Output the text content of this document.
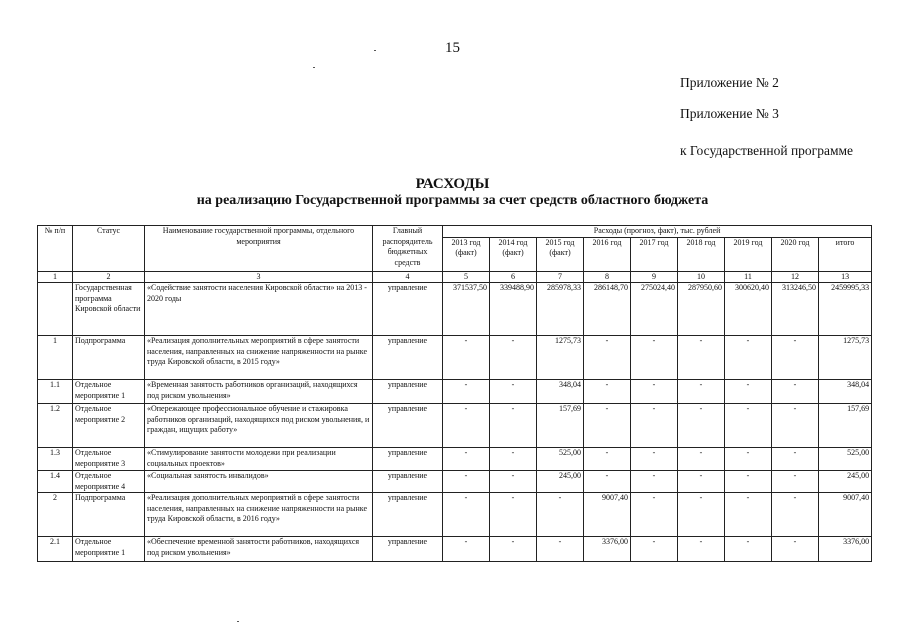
15
Приложение № 2
Приложение № 3
к Государственной программе
РАСХОДЫ
на реализацию Государственной программы за счет средств областного бюджета
№ п/п	Статус	Наименование государственной программы, отдельного мероприятия	Главный распорядитель бюджетных средств	Расходы (прогноз, факт), тыс. рублей								
				2013 год (факт)	2014 год (факт)	2015 год (факт)	2016 год	2017 год	2018 год	2019 год	2020 год	итого
1	2	3	4	5	6	7	8	9	10	11	12	13
	Государственная программа Кировской области	«Содействие занятости населения Кировской области» на 2013 - 2020 годы	управление	371537,50	339488,90	285978,33	286148,70	275024,40	287950,60	300620,40	313246,50	2459995,33
1	Подпрограмма	«Реализация дополнительных мероприятий в сфере занятости населения, направленных на снижение напряженности на рынке труда Кировской области, в 2015 году»	управление	-	-	1275,73	-	-	-	-	-	1275,73
1.1	Отдельное мероприятие 1	«Временная занятость работников организаций, находящихся под риском увольнения»	управление	-	-	348,04	-	-	-	-	-	348,04
1.2	Отдельное мероприятие 2	«Опережающее профессиональное обучение и стажировка работников организаций, находящихся под риском увольнения, и граждан, ищущих работу»	управление	-	-	157,69	-	-	-	-	-	157,69
1.3	Отдельное мероприятие 3	«Стимулирование занятости молодежи при реализации социальных проектов»	управление	-	-	525,00	-	-	-	-	-	525,00
1.4	Отдельное мероприятие 4	«Социальная занятость инвалидов»	управление	-	-	245,00	-	-	-	-	-	245,00
2	Подпрограмма	«Реализация дополнительных мероприятий в сфере занятости населения, направленных на снижение напряженности на рынке труда Кировской области, в 2016 году»	управление	-	-	-	9007,40	-	-	-	-	9007,40
2.1	Отдельное мероприятие 1	«Обеспечение временной занятости работников, находящихся под риском увольнения»	управление	-	-	-	3376,00	-	-	-	-	3376,00
